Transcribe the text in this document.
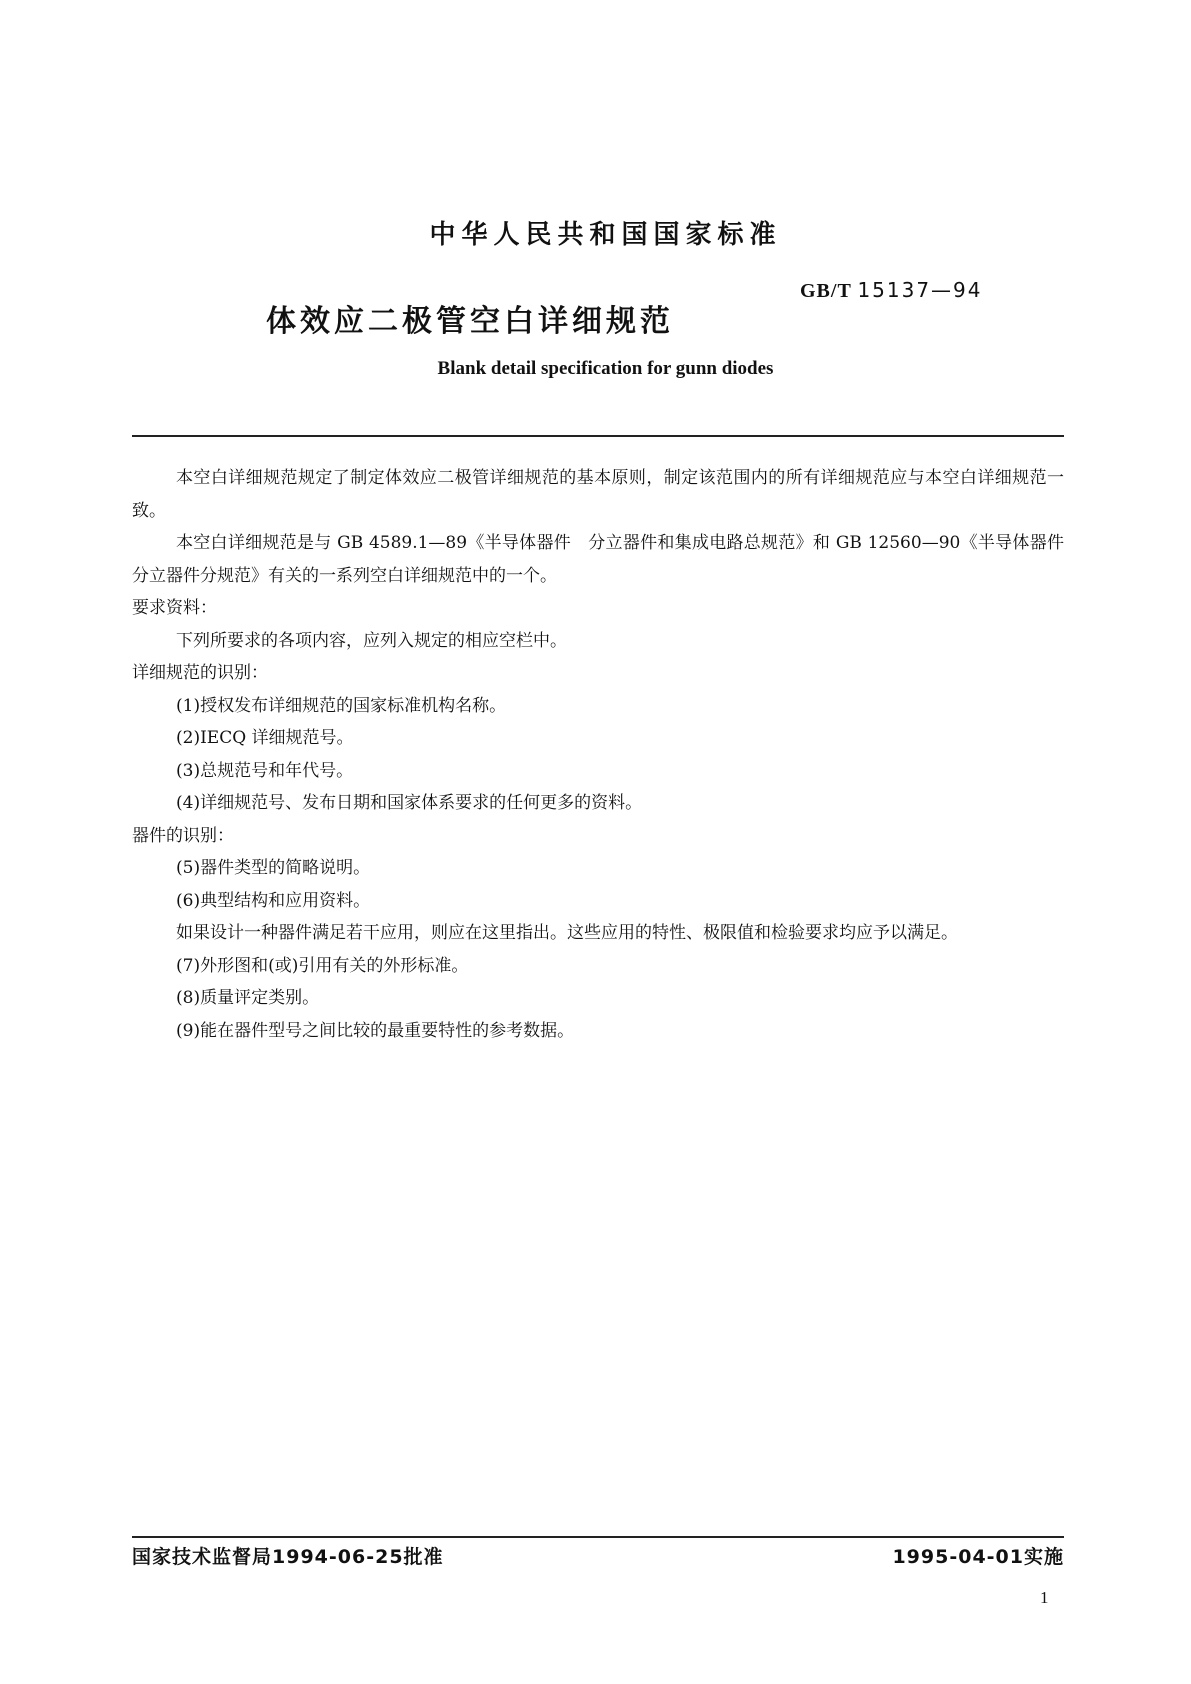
中华人民共和国国家标准
GB/T 15137—94
体效应二极管空白详细规范
Blank detail specification for gunn diodes

本空白详细规范规定了制定体效应二极管详细规范的基本原则，制定该范围内的所有详细规范应与本空白详细规范一致。

本空白详细规范是与 GB 4589.1—89《半导体器件　分立器件和集成电路总规范》和 GB 12560—90《半导体器件　分立器件分规范》有关的一系列空白详细规范中的一个。

要求资料：

下列所要求的各项内容，应列入规定的相应空栏中。

详细规范的识别：

(1)授权发布详细规范的国家标准机构名称。

(2)IECQ 详细规范号。

(3)总规范号和年代号。

(4)详细规范号、发布日期和国家体系要求的任何更多的资料。

器件的识别：

(5)器件类型的简略说明。

(6)典型结构和应用资料。

如果设计一种器件满足若干应用，则应在这里指出。这些应用的特性、极限值和检验要求均应予以满足。

(7)外形图和(或)引用有关的外形标准。

(8)质量评定类别。

(9)能在器件型号之间比较的最重要特性的参考数据。

国家技术监督局1994-06-25批准	1995-04-01实施
1
